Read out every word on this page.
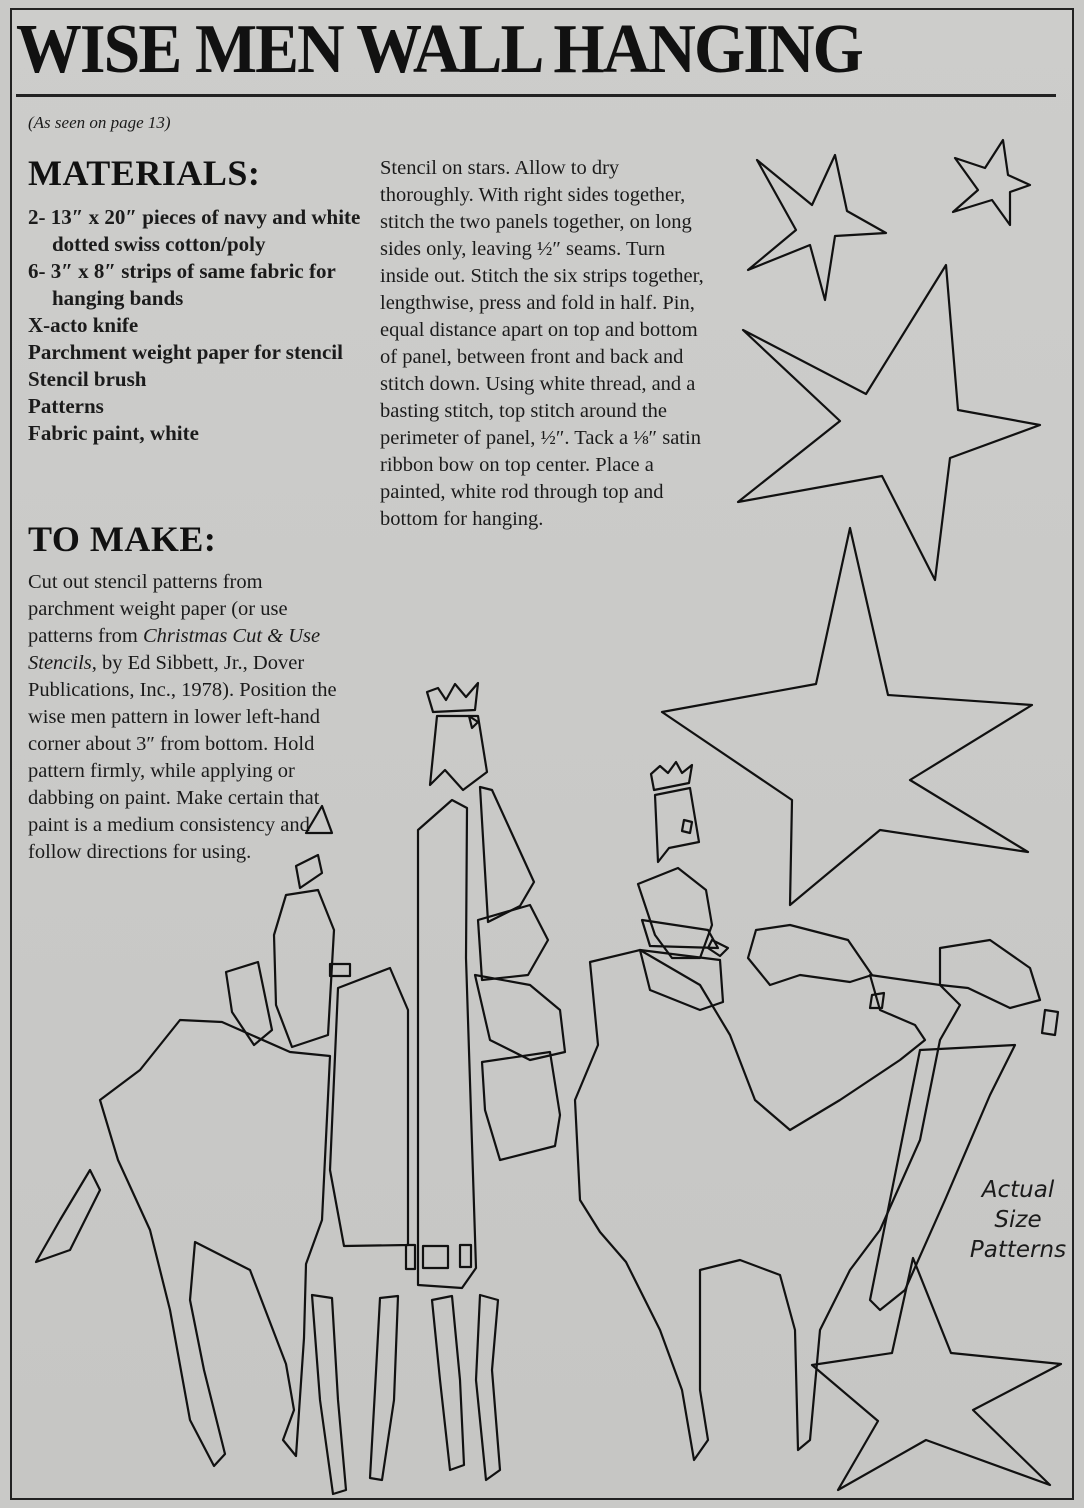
WISE MEN WALL HANGING
(As seen on page 13)
MATERIALS:
2- 13″ x 20″ pieces of navy and white dotted swiss cotton/poly
6- 3″ x 8″ strips of same fabric for hanging bands
X-acto knife
Parchment weight paper for stencil
Stencil brush
Patterns
Fabric paint, white
TO MAKE:
Cut out stencil patterns from parchment weight paper (or use patterns from Christmas Cut & Use Stencils, by Ed Sibbett, Jr., Dover Publications, Inc., 1978). Position the wise men pattern in lower left-hand corner about 3″ from bottom. Hold pattern firmly, while applying or dabbing on paint. Make certain that paint is a medium consistency and follow directions for using.
Stencil on stars. Allow to dry thoroughly. With right sides together, stitch the two panels together, on long sides only, leaving ½″ seams. Turn inside out. Stitch the six strips together, lengthwise, press and fold in half. Pin, equal distance apart on top and bottom of panel, between front and back and stitch down. Using white thread, and a basting stitch, top stitch around the perimeter of panel, ½″. Tack a ⅛″ satin ribbon bow on top center. Place a painted, white rod through top and bottom for hanging.
Actual
Size
Patterns
